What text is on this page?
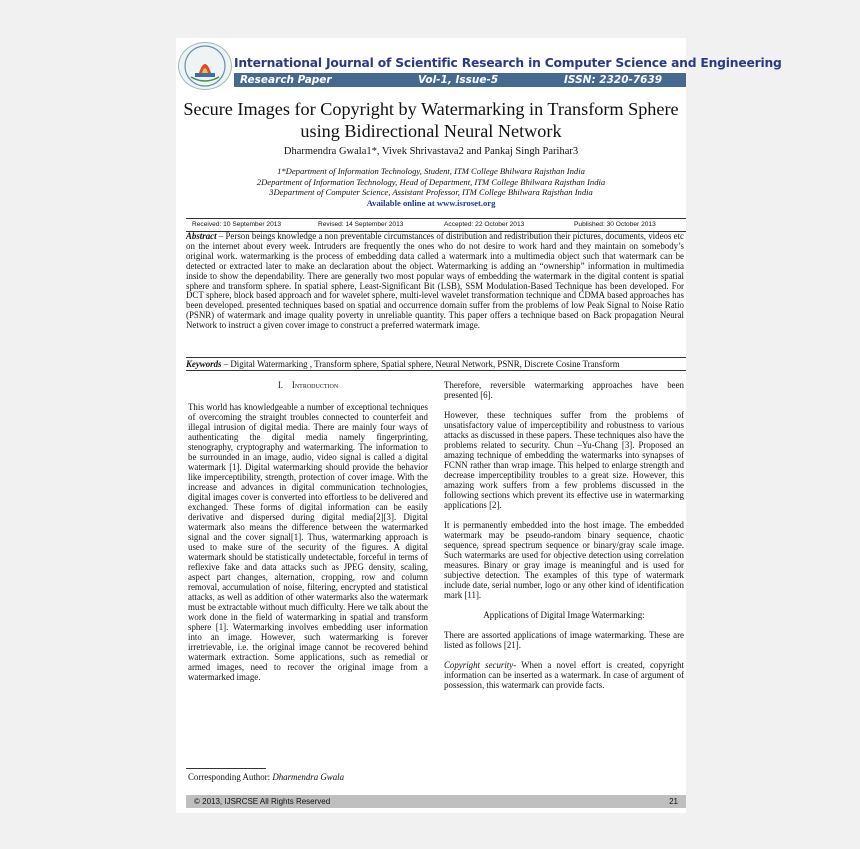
International Journal of Scientific Research in Computer Science and Engineering
Research Paper	Vol-1, Issue-5	ISSN: 2320-7639
Secure Images for Copyright by Watermarking in Transform Sphere
using Bidirectional Neural Network
Dharmendra Gwala1*, Vivek Shrivastava2 and Pankaj Singh Parihar3
1*Department of Information Technology, Student, ITM College Bhilwara Rajsthan India
2Department of Information Technology, Head of Department, ITM College Bhilwara Rajsthan India
3Department of Computer Science, Assistant Professor, ITM College Bhilwara Rajsthan India
Available online at www.isroset.org
Received: 10 September 2013	Revised: 14 September 2013	Accepted: 22 October 2013	Published: 30 October 2013
Abstract – Person beings knowledge a non preventable circumstances of distribution and redistribution their pictures, documents, videos etc on the internet about every week. Intruders are frequently the ones who do not desire to work hard and they maintain on somebody’s original work. watermarking is the process of embedding data called a watermark into a multimedia object such that watermark can be detected or extracted later to make an declaration about the object. Watermarking is adding an “ownership” information in multimedia inside to show the dependability. There are generally two most popular ways of embedding the watermark in the digital content is spatial sphere and transform sphere. In spatial sphere, Least-Significant Bit (LSB), SSM Modulation-Based Technique has been developed. For DCT sphere, block based approach and for wavelet sphere, multi-level wavelet transformation technique and CDMA based approaches has been developed. presented techniques based on spatial and occurrence domain suffer from the problems of low Peak Signal to Noise Ratio (PSNR) of watermark and image quality poverty in unreliable quantity. This paper offers a technique based on Back propagation Neural Network to instruct a given cover image to construct a preferred watermark image.
Keywords – Digital Watermarking , Transform sphere, Spatial sphere, Neural Network, PSNR, Discrete Cosine Transform

I. Introduction

This world has knowledgeable a number of exceptional techniques of overcoming the straight troubles connected to counterfeit and illegal intrusion of digital media. There are mainly four ways of authenticating the digital media namely fingerprinting, stenography, cryptography and watermarking. The information to be surrounded in an image, audio, video signal is called a digital watermark [1]. Digital watermarking should provide the behavior like imperceptibility, strength, protection of cover image. With the increase and advances in digital communication technologies, digital images cover is converted into effortless to be delivered and exchanged. These forms of digital information can be easily derivative and dispersed during digital media[2][3]. Digital watermark also means the difference between the watermarked signal and the cover signal[1]. Thus, watermarking approach is used to make sure of the security of the figures. A digital watermark should be statistically undetectable, forceful in terms of reflexive fake and data attacks such as JPEG density, scaling, aspect part changes, alternation, cropping, row and column removal, accumulation of noise, filtering, encrypted and statistical attacks, as well as addition of other watermarks also the watermark must be extractable without much difficulty. Here we talk about the work done in the field of watermarking in spatial and transform sphere [1]. Watermarking involves embedding user information into an image. However, such watermarking is forever irretrievable, i.e. the original image cannot be recovered behind watermark extraction. Some applications, such as remedial or armed images, need to recover the original image from a watermarked image.

Therefore, reversible watermarking approaches have been presented [6].

However, these techniques suffer from the problems of unsatisfactory value of imperceptibility and robustness to various attacks as discussed in these papers. These techniques also have the problems related to security. Chun –Yu-Chang [3]. Proposed an amazing technique of embedding the watermarks into synapses of FCNN rather than wrap image. This helped to enlarge strength and decrease imperceptibility troubles to a great size. However, this amazing work suffers from a few problems discussed in the following sections which prevent its effective use in watermarking applications [2].

It is permanently embedded into the host image. The embedded watermark may be pseudo-random binary sequence, chaotic sequence, spread spectrum sequence or binary/gray scale image. Such watermarks are used for objective detection using correlation measures. Binary or gray image is meaningful and is used for subjective detection. The examples of this type of watermark include date, serial number, logo or any other kind of identification mark [11].

Applications of Digital Image Watermarking:

There are assorted applications of image watermarking. These are listed as follows [21].

Copyright security- When a novel effort is created, copyright information can be inserted as a watermark. In case of argument of possession, this watermark can provide facts.

Corresponding Author: Dharmendra Gwala
© 2013, IJSRCSE All Rights Reserved	21
